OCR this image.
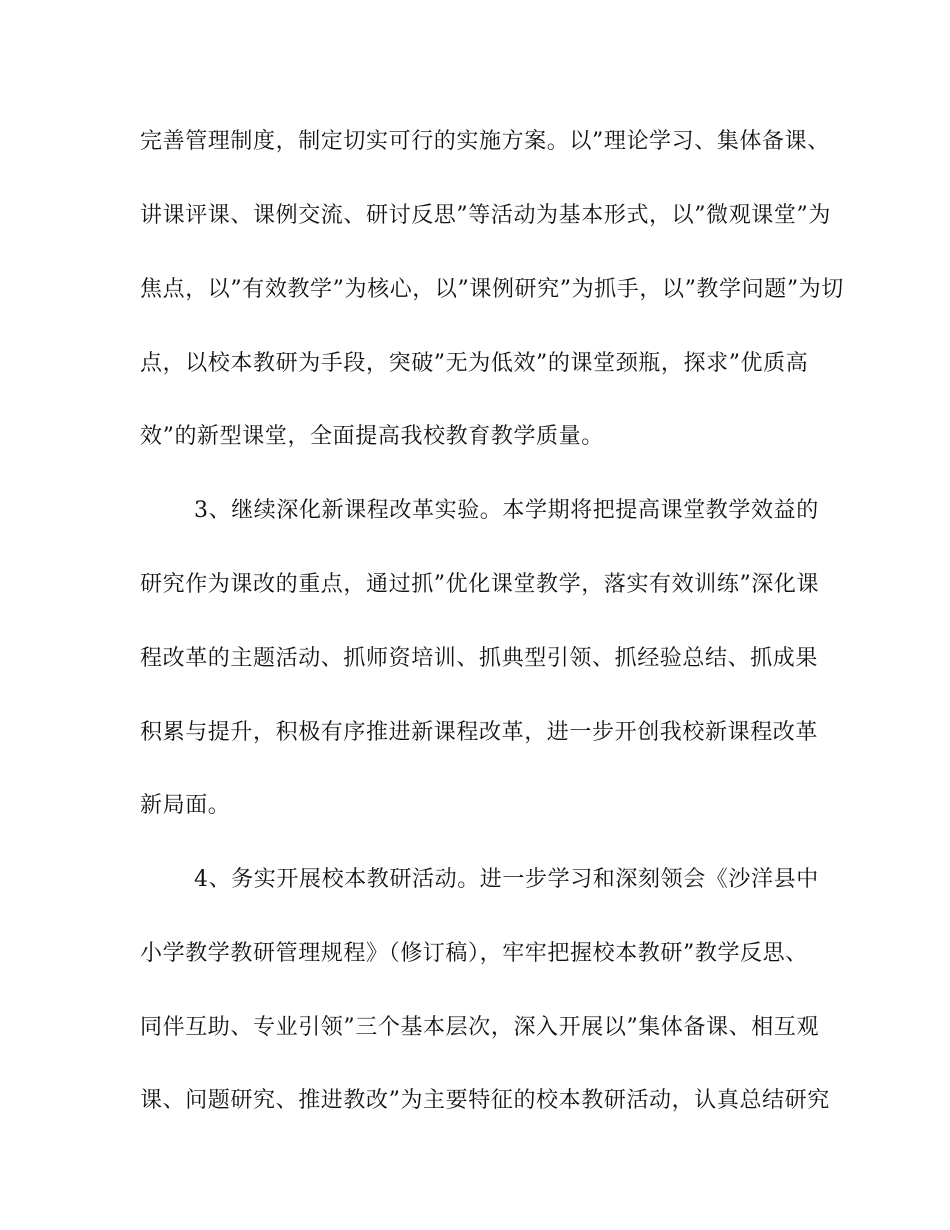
完善管理制度，制定切实可行的实施方案。以”理论学习、集体备课、
讲课评课、课例交流、研讨反思”等活动为基本形式，以”微观课堂”为
焦点，以”有效教学”为核心，以”课例研究”为抓手，以”教学问题”为切
点，以校本教研为手段，突破”无为低效”的课堂颈瓶，探求”优质高
效”的新型课堂，全面提高我校教育教学质量。
3、继续深化新课程改革实验。本学期将把提高课堂教学效益的
研究作为课改的重点，通过抓”优化课堂教学，落实有效训练”深化课
程改革的主题活动、抓师资培训、抓典型引领、抓经验总结、抓成果
积累与提升，积极有序推进新课程改革，进一步开创我校新课程改革
新局面。
4、务实开展校本教研活动。进一步学习和深刻领会《沙洋县中
小学教学教研管理规程》（修订稿），牢牢把握校本教研”教学反思、
同伴互助、专业引领”三个基本层次，深入开展以”集体备课、相互观
课、问题研究、推进教改”为主要特征的校本教研活动，认真总结研究
